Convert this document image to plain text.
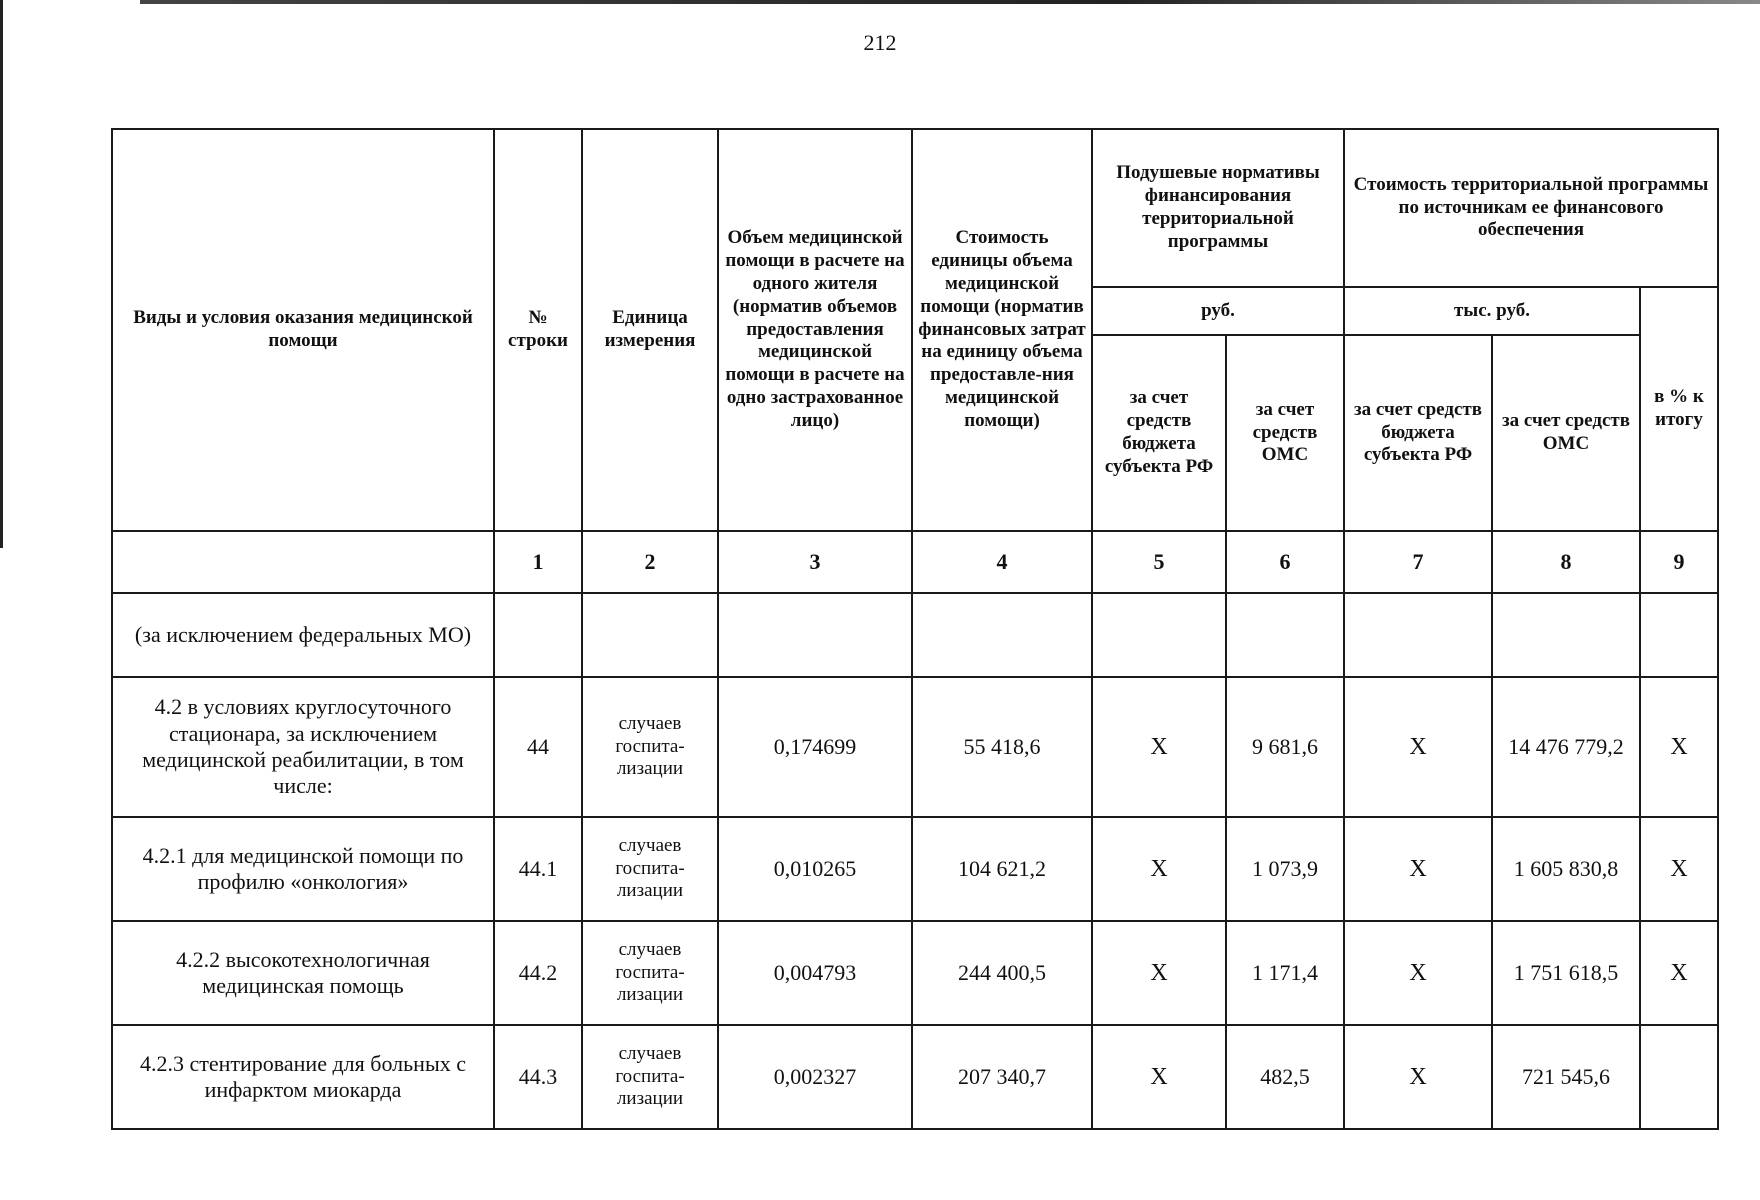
212
Виды и условия оказания медицинской помощи	№ строки	Единица измерения	Объем медицинской помощи в расчете на одного жителя (норматив объемов предоставления медицинской помощи в расчете на одно застрахованное лицо)	Стоимость единицы объема медицинской помощи (норматив финансовых затрат на единицу объема предоставле-ния медицинской помощи)	Подушевые нормативы финансирования территориальной программы		Стоимость территориальной программы по источникам ее финансового обеспечения		
					руб.		тыс. руб.		в % к итогу
					за счет средств бюджета субъекта РФ	за счет средств ОМС	за счет средств бюджета субъекта РФ	за счет средств ОМС	
	1	2	3	4	5	6	7	8	9
(за исключением федеральных МО)									
4.2 в условиях круглосуточного стационара, за исключением медицинской реабилитации, в том числе:	44	случаев госпита-лизации	0,174699	55 418,6	X	9 681,6	X	14 476 779,2	X
4.2.1 для медицинской помощи по профилю «онкология»	44.1	случаев госпита-лизации	0,010265	104 621,2	X	1 073,9	X	1 605 830,8	X
4.2.2 высокотехнологичная медицинская помощь	44.2	случаев госпита-лизации	0,004793	244 400,5	X	1 171,4	X	1 751 618,5	X
4.2.3 стентирование для больных с инфарктом миокарда	44.3	случаев госпита-лизации	0,002327	207 340,7	X	482,5	X	721 545,6	
